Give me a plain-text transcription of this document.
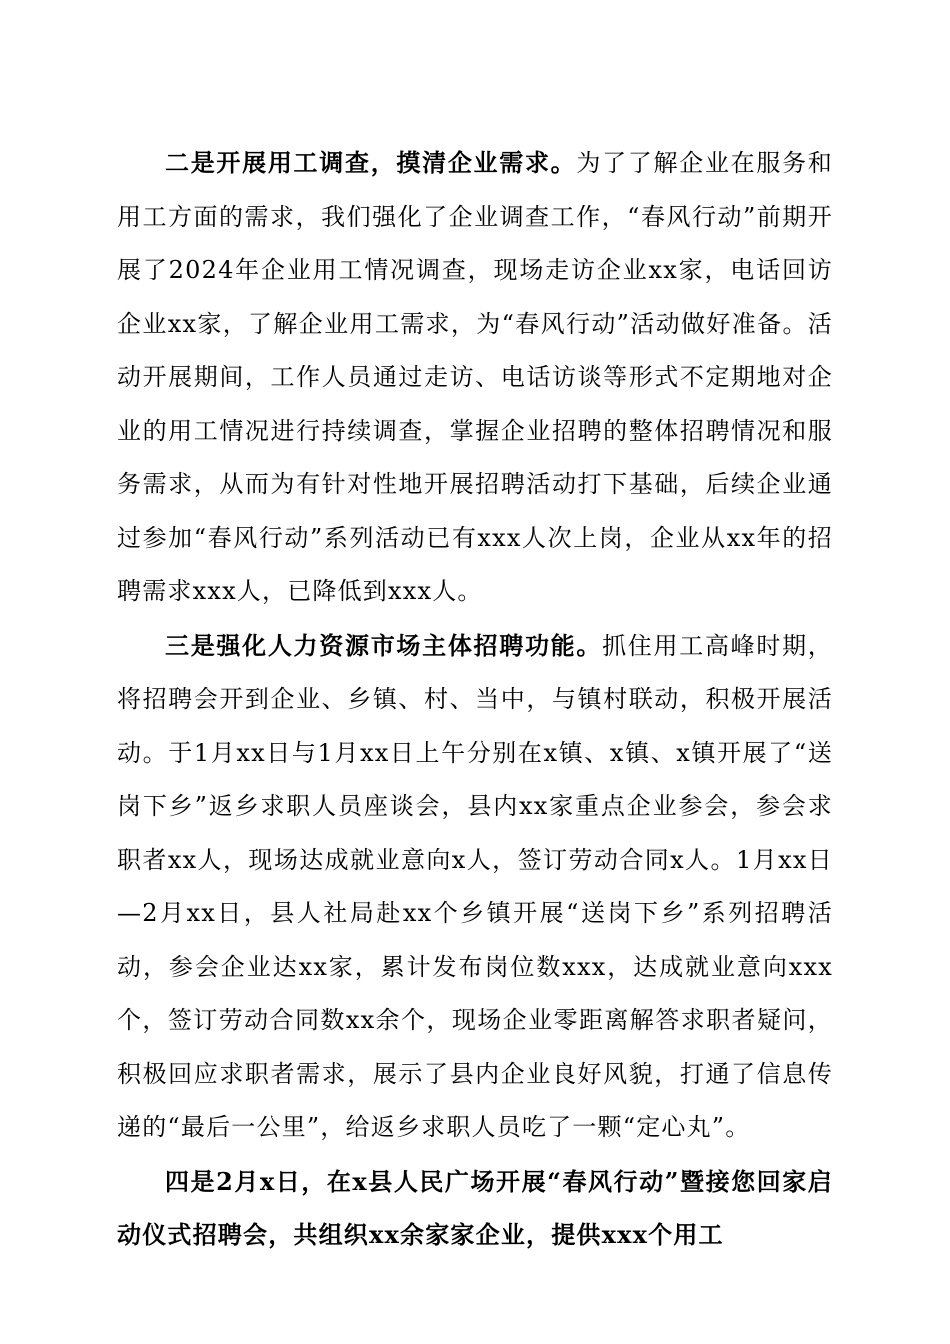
二是开展用工调查，摸清企业需求。为了了解企业在服务和用工方面的需求，我们强化了企业调查工作，“春风行动”前期开展了2024年企业用工情况调查，现场走访企业xx家，电话回访企业xx家，了解企业用工需求，为“春风行动”活动做好准备。活动开展期间，工作人员通过走访、电话访谈等形式不定期地对企业的用工情况进行持续调查，掌握企业招聘的整体招聘情况和服务需求，从而为有针对性地开展招聘活动打下基础，后续企业通过参加“春风行动”系列活动已有xxx人次上岗，企业从xx年的招聘需求xxx人，已降低到xxx人。

三是强化人力资源市场主体招聘功能。抓住用工高峰时期，将招聘会开到企业、乡镇、村、当中，与镇村联动，积极开展活动。于1月xx日与1月xx日上午分别在x镇、x镇、x镇开展了“送岗下乡”返乡求职人员座谈会，县内xx家重点企业参会，参会求职者xx人，现场达成就业意向x人，签订劳动合同x人。1月xx日—2月xx日，县人社局赴xx个乡镇开展“送岗下乡”系列招聘活动，参会企业达xx家，累计发布岗位数xxx，达成就业意向xxx个，签订劳动合同数xx余个，现场企业零距离解答求职者疑问，积极回应求职者需求，展示了县内企业良好风貌，打通了信息传递的“最后一公里”，给返乡求职人员吃了一颗“定心丸”。

四是2月x日，在x县人民广场开展“春风行动”暨接您回家启动仪式招聘会，共组织xx余家家企业，提供xxx个用工
